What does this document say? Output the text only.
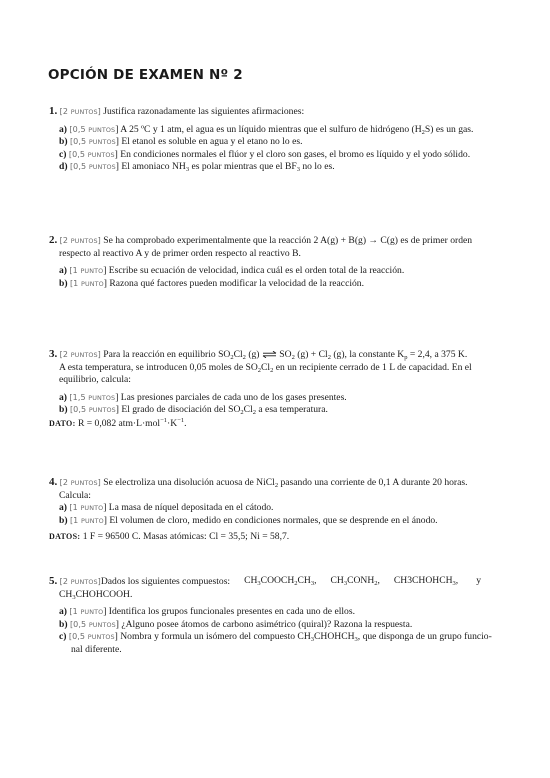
OPCIÓN DE EXAMEN Nº 2
1. [2 PUNTOS] Justifica razonadamente las siguientes afirmaciones:
a) [0,5 PUNTOS] A 25 ºC y 1 atm, el agua es un líquido mientras que el sulfuro de hidrógeno $(H_2S)$ es un gas.
b) [0,5 PUNTOS] El etanol es soluble en agua y el etano no lo es.
c) [0,5 PUNTOS] En condiciones normales el flúor y el cloro son gases, el bromo es líquido y el yodo sólido.
d) [0,5 PUNTOS] El amoniaco $NH_3$ es polar mientras que el $BF_3$ no lo es.
2. [2 PUNTOS] Se ha comprobado experimentalmente que la reacción 2 A(g) + B(g) → C(g) es de primer orden
respecto al reactivo A y de primer orden respecto al reactivo B.
a) [1 PUNTO] Escribe su ecuación de velocidad, indica cuál es el orden total de la reacción.
b) [1 PUNTO] Razona qué factores pueden modificar la velocidad de la reacción.
3. [2 PUNTOS] Para la reacción en equilibrio $SO_2Cl_2$ (g) ⇌ $SO_2$ $(g) + Cl_2$ (g), la constante $K_p = 2,4$, a 375 K.
A esta temperatura, se introducen 0,05 moles de $SO_2Cl_2$ en un recipiente cerrado de 1 L de capacidad. En el
equilibrio, calcula:
a) [1,5 PUNTOS] Las presiones parciales de cada uno de los gases presentes.
b) [0,5 PUNTOS] El grado de disociación del $SO_2Cl_2$ a esa temperatura.
DATO: R = 0,082 $atm\cdot L\cdot mol^{-1}\cdot K^{-1}$.
4. [2 PUNTOS] Se electroliza una disolución acuosa de NiCl$_2$ pasando una corriente de 0,1 A durante 20 horas.
Calcula:
a) [1 PUNTO] La masa de níquel depositada en el cátodo.
b) [1 PUNTO] El volumen de cloro, medido en condiciones normales, que se desprende en el ánodo.
DATOS: 1 F = 96500 C. Masas atómicas: Cl = 35,5; Ni = 58,7.
5. [2 PUNTOS]Dados los siguientes compuestos: $CH_3COOCH_2CH_3$, $CH_3CONH_2$, $CH3CHOHCH_3$, y
$CH_3CHOHCOOH$.
a) [1 PUNTO] Identifica los grupos funcionales presentes en cada uno de ellos.
b) [0,5 PUNTOS] ¿Alguno posee átomos de carbono asimétrico (quiral)? Razona la respuesta.
c) [0,5 PUNTOS] Nombra y formula un isómero del compuesto $CH_3CHOHCH_3$, que disponga de un grupo funcio-
nal diferente.
